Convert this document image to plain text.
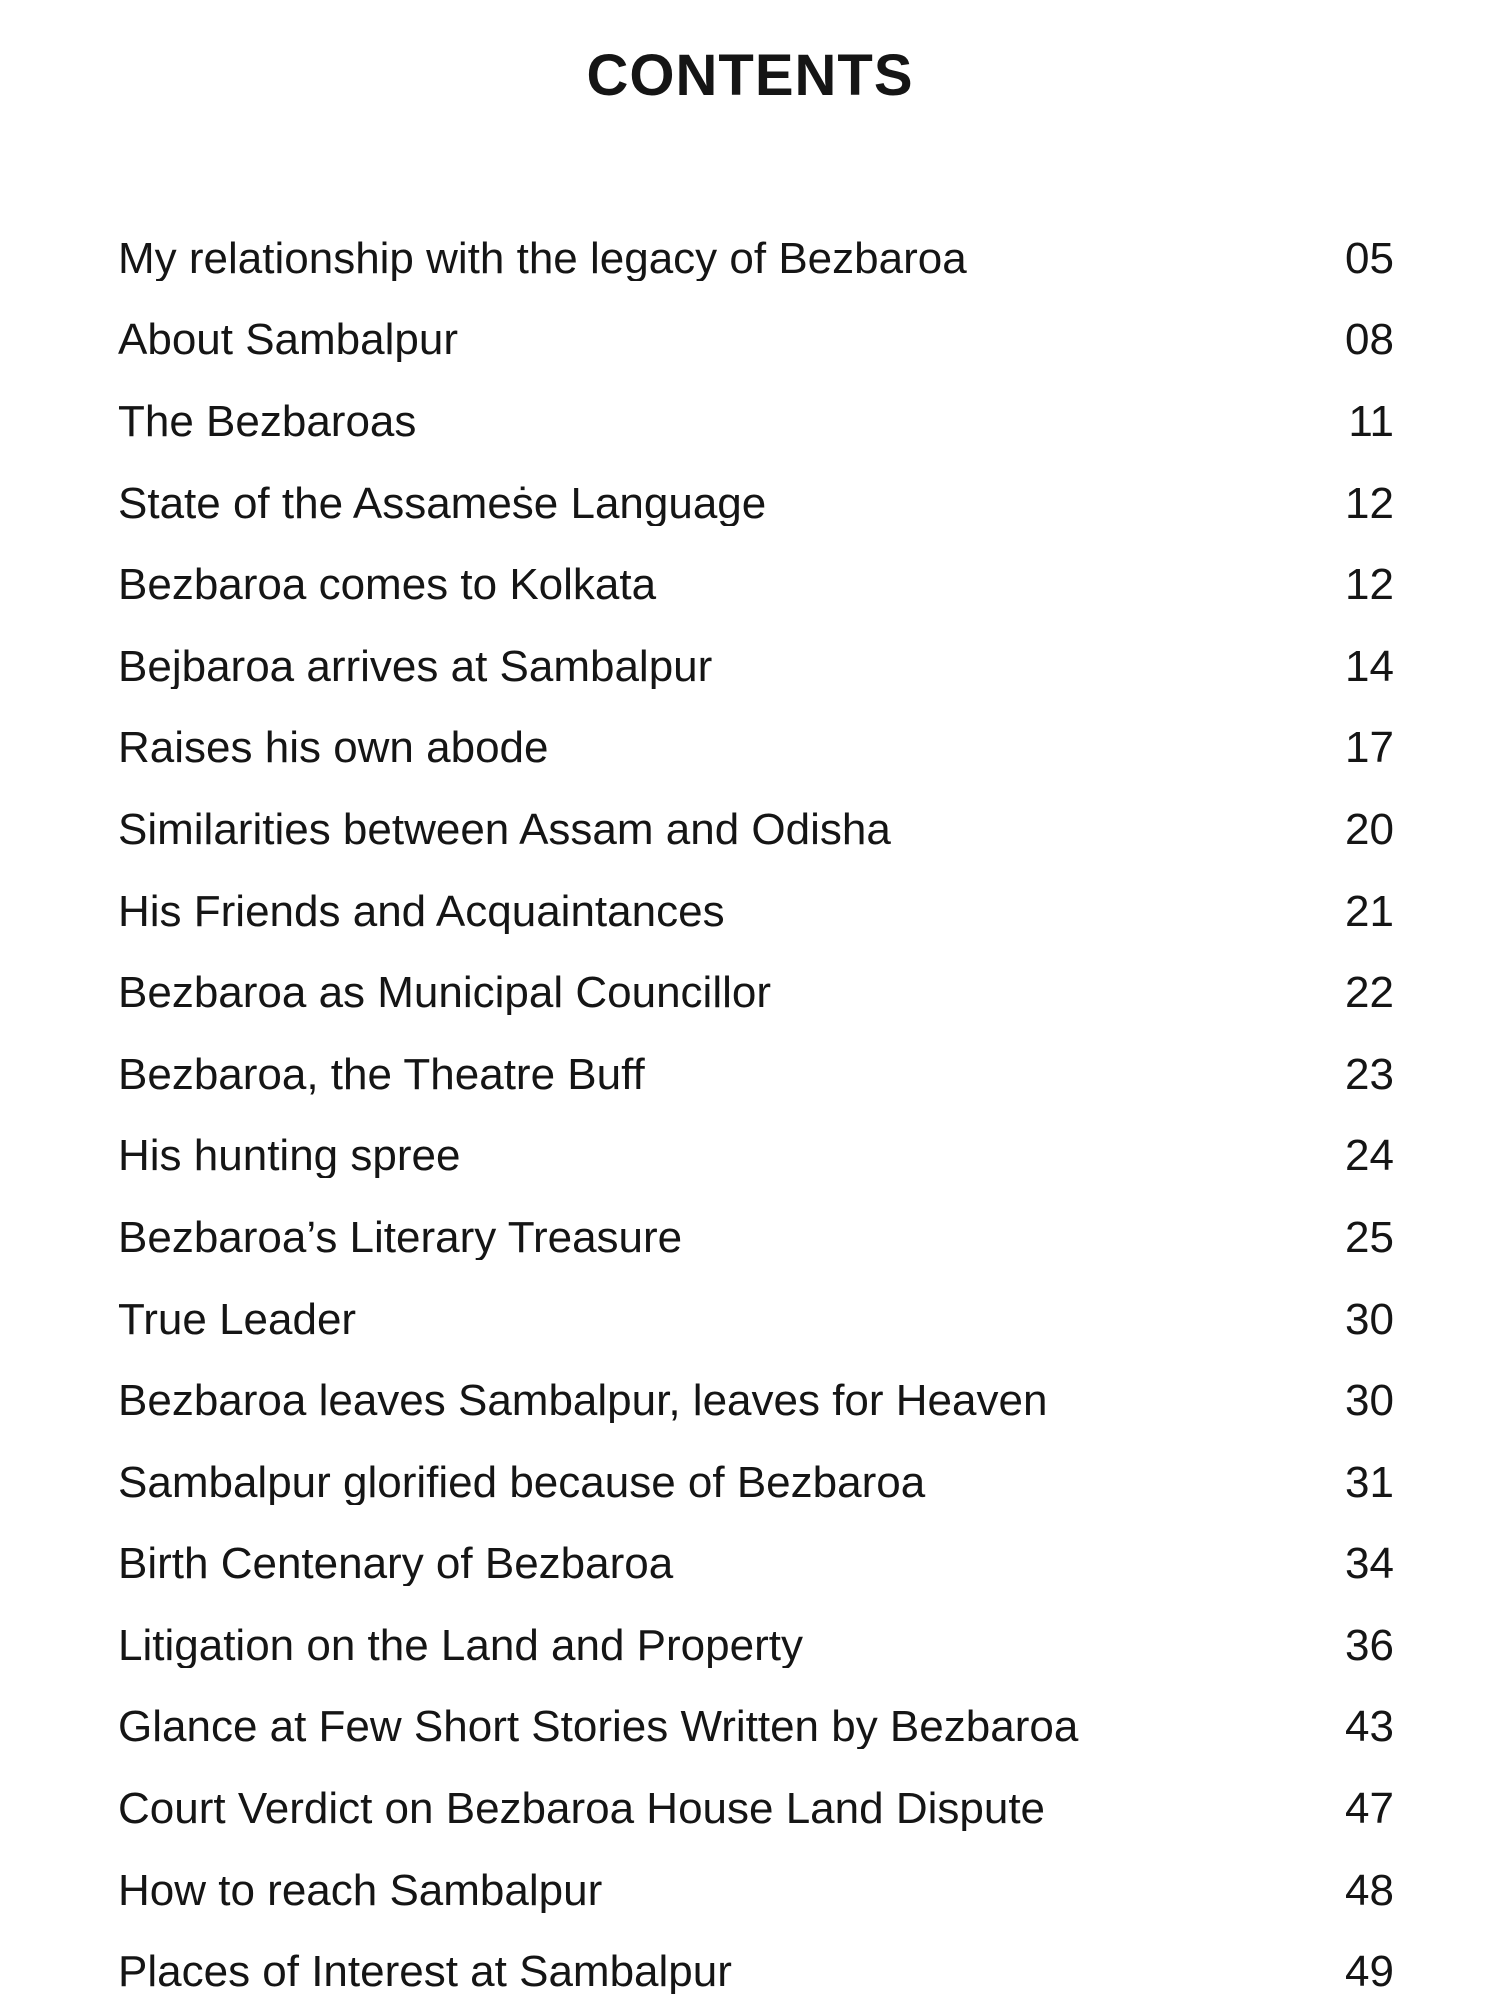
CONTENTS
My relationship with the legacy of Bezbaroa	05
About Sambalpur	08
The Bezbaroas	11
State of the Assameṡe Language	12
Bezbaroa comes to Kolkata	12
Bejbaroa arrives at Sambalpur	14
Raises his own abode	17
Similarities between Assam and Odisha	20
His Friends and Acquaintances	21
Bezbaroa as Municipal Councillor	22
Bezbaroa, the Theatre Buff	23
His hunting spree	24
Bezbaroa’s Literary Treasure	25
True Leader	30
Bezbaroa leaves Sambalpur, leaves for Heaven	30
Sambalpur glorified because of Bezbaroa	31
Birth Centenary of Bezbaroa	34
Litigation on the Land and Property	36
Glance at Few Short Stories Written by Bezbaroa	43
Court Verdict on Bezbaroa House Land Dispute	47
How to reach Sambalpur	48
Places of Interest at Sambalpur	49
